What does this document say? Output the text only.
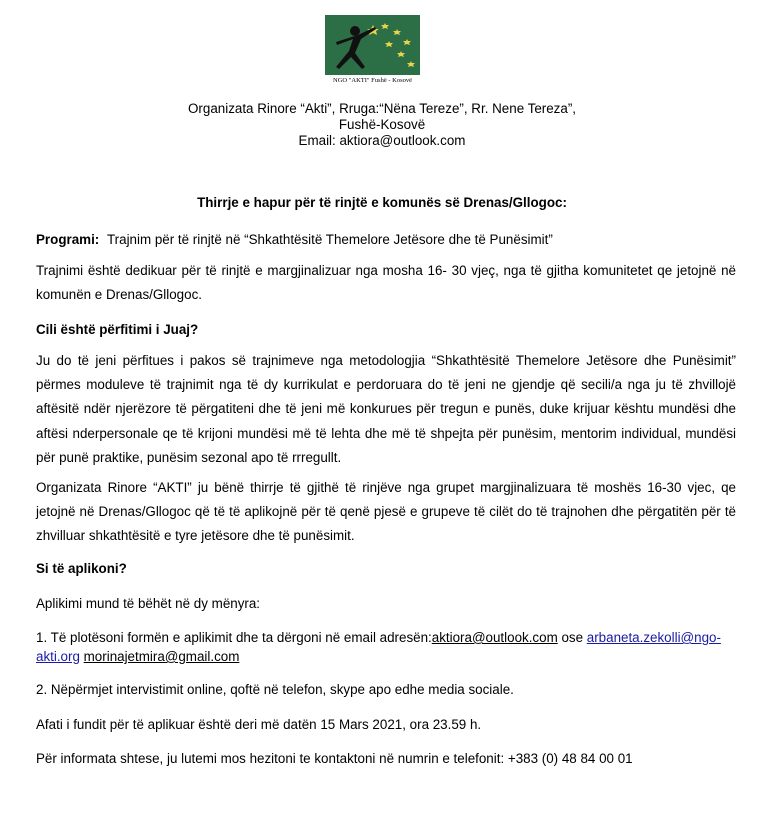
NGO "AKTI" Fushë - Kosovë
Organizata Rinore “Akti”, Rruga:“Nëna Tereze”, Rr. Nene Tereza”,
Fushë-Kosovë
Email: aktiora@outlook.com
Thirrje e hapur për të rinjtë e komunës së Drenas/Gllogoc:
Programi: Trajnim për të rinjtë në “Shkathtësitë Themelore Jetësore dhe të Punësimit”
Trajnimi është dedikuar për të rinjtë e margjinalizuar nga mosha 16- 30 vjeç, nga të gjitha komunitetet qe jetojnë në komunën e Drenas/Gllogoc.
Cili është përfitimi i Juaj?
Ju do të jeni përfitues i pakos së trajnimeve nga metodologjia “Shkathtësitë Themelore Jetësore dhe Punësimit” përmes moduleve të trajnimit nga të dy kurrikulat e perdoruara do të jeni ne gjendje që secili/a nga ju të zhvillojë aftësitë ndër njerëzore të përgatiteni dhe të jeni më konkurues për tregun e punës, duke krijuar kështu mundësi dhe aftësi nderpersonale qe të krijoni mundësi më të lehta dhe më të shpejta për punësim, mentorim individual, mundësi për punë praktike, punësim sezonal apo të rrregullt.
Organizata Rinore “AKTI” ju bënë thirrje të gjithë të rinjëve nga grupet margjinalizuara të moshës 16-30 vjec, qe jetojnë në Drenas/Gllogoc që të të aplikojnë për të qenë pjesë e grupeve të cilët do të trajnohen dhe përgatitën për të zhvilluar shkathtësitë e tyre jetësore dhe të punësimit.
Si të aplikoni?
Aplikimi mund të bëhët në dy mënyra:
1. Të plotësoni formën e aplikimit dhe ta dërgoni në email adresën:aktiora@outlook.com ose arbaneta.zekolli@ngo-
akti.org morinajetmira@gmail.com
2. Nëpërmjet intervistimit online, qoftë në telefon, skype apo edhe media sociale.
Afati i fundit për të aplikuar është deri më datën 15 Mars 2021, ora 23.59 h.
Për informata shtese, ju lutemi mos hezitoni te kontaktoni në numrin e telefonit: +383 (0) 48 84 00 01
